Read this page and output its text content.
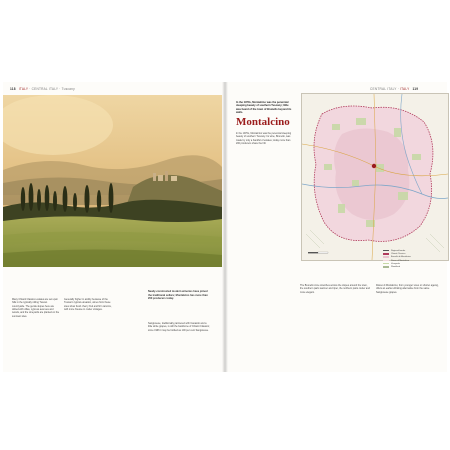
118 ITALY · CENTRAL ITALY · Tuscany	CENTRAL ITALY · ITALY 119
Many Chianti Classico estates are set upon hills in the typically rolling Tuscan countryside. The gentle slopes here are dotted with villas, cypress avenues and woods, and the vineyards are planted on the sunniest sites.
Generally higher in acidity because of the Tuscan's typical elevation, wines from these sites show fresh cherry fruit and firm tannins, with more finesse in cooler vintages.
Newly-constructed modern wineries have joined the traditional cellars; Montalcino has more than 200 producers today.
Sangiovese, traditionally partnered with Canaiolo and a little white grapes, is still the backbone of Chianti Classico; since 1996 it may be bottled as 100 per cent Sangiovese.
In the 1970s, Montalcino was the perennial sleeping beauty of southern Tuscany; little was heard of the town of Brunello beyond its walls.
Montalcino
In the 1970s, Montalcino was the perennial sleeping beauty of southern Tuscany. Its wine, Brunello, was made by only a handful of estates; today more than 200 producers share the hill.
The Brunello zone stretches across the slopes around the town, the southern parts warmer and riper, the northern parts cooler and more elegant.
Rosso di Montalcino, from younger vines or shorter ageing, offers an earlier-drinking alternative from the same Sangiovese grapes.
Regional border
Chianti Classico
Brunello di Montalcino
Rosso di Montalcino
Vineyards
Woodland
